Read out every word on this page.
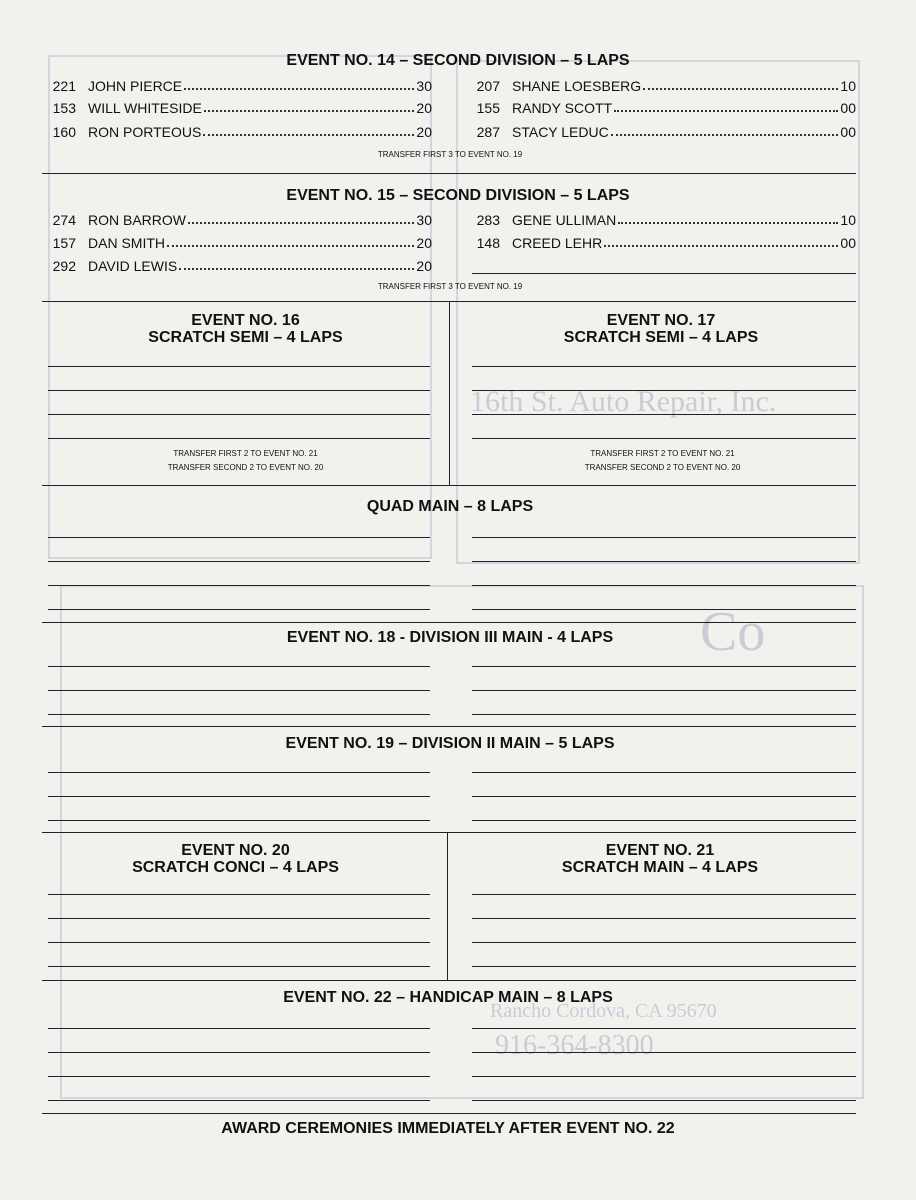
16th St. Auto Repair, Inc.
Co
916-364-8300
Rancho Cordova, CA 95670
EVENT NO. 14 – SECOND DIVISION – 5 LAPS
221 JOHN PIERCE	30
153 WILL WHITESIDE	20
160 RON PORTEOUS	20
207 SHANE LOESBERG	10
155 RANDY SCOTT	00
287 STACY LEDUC	00
TRANSFER FIRST 3 TO EVENT NO. 19
EVENT NO. 15 – SECOND DIVISION – 5 LAPS
274 RON BARROW	30
157 DAN SMITH	20
292 DAVID LEWIS	20
283 GENE ULLIMAN	10
148 CREED LEHR	00
TRANSFER FIRST 3 TO EVENT NO. 19
EVENT NO. 16
SCRATCH SEMI – 4 LAPS
EVENT NO. 17
SCRATCH SEMI – 4 LAPS
TRANSFER FIRST 2 TO EVENT NO. 21
TRANSFER SECOND 2 TO EVENT NO. 20
TRANSFER FIRST 2 TO EVENT NO. 21
TRANSFER SECOND 2 TO EVENT NO. 20
QUAD MAIN – 8 LAPS
EVENT NO. 18 - DIVISION III MAIN - 4 LAPS
EVENT NO. 19 – DIVISION II MAIN – 5 LAPS
EVENT NO. 20
SCRATCH CONCI – 4 LAPS
EVENT NO. 21
SCRATCH MAIN – 4 LAPS
EVENT NO. 22 – HANDICAP MAIN – 8 LAPS
AWARD CEREMONIES IMMEDIATELY AFTER EVENT NO. 22
